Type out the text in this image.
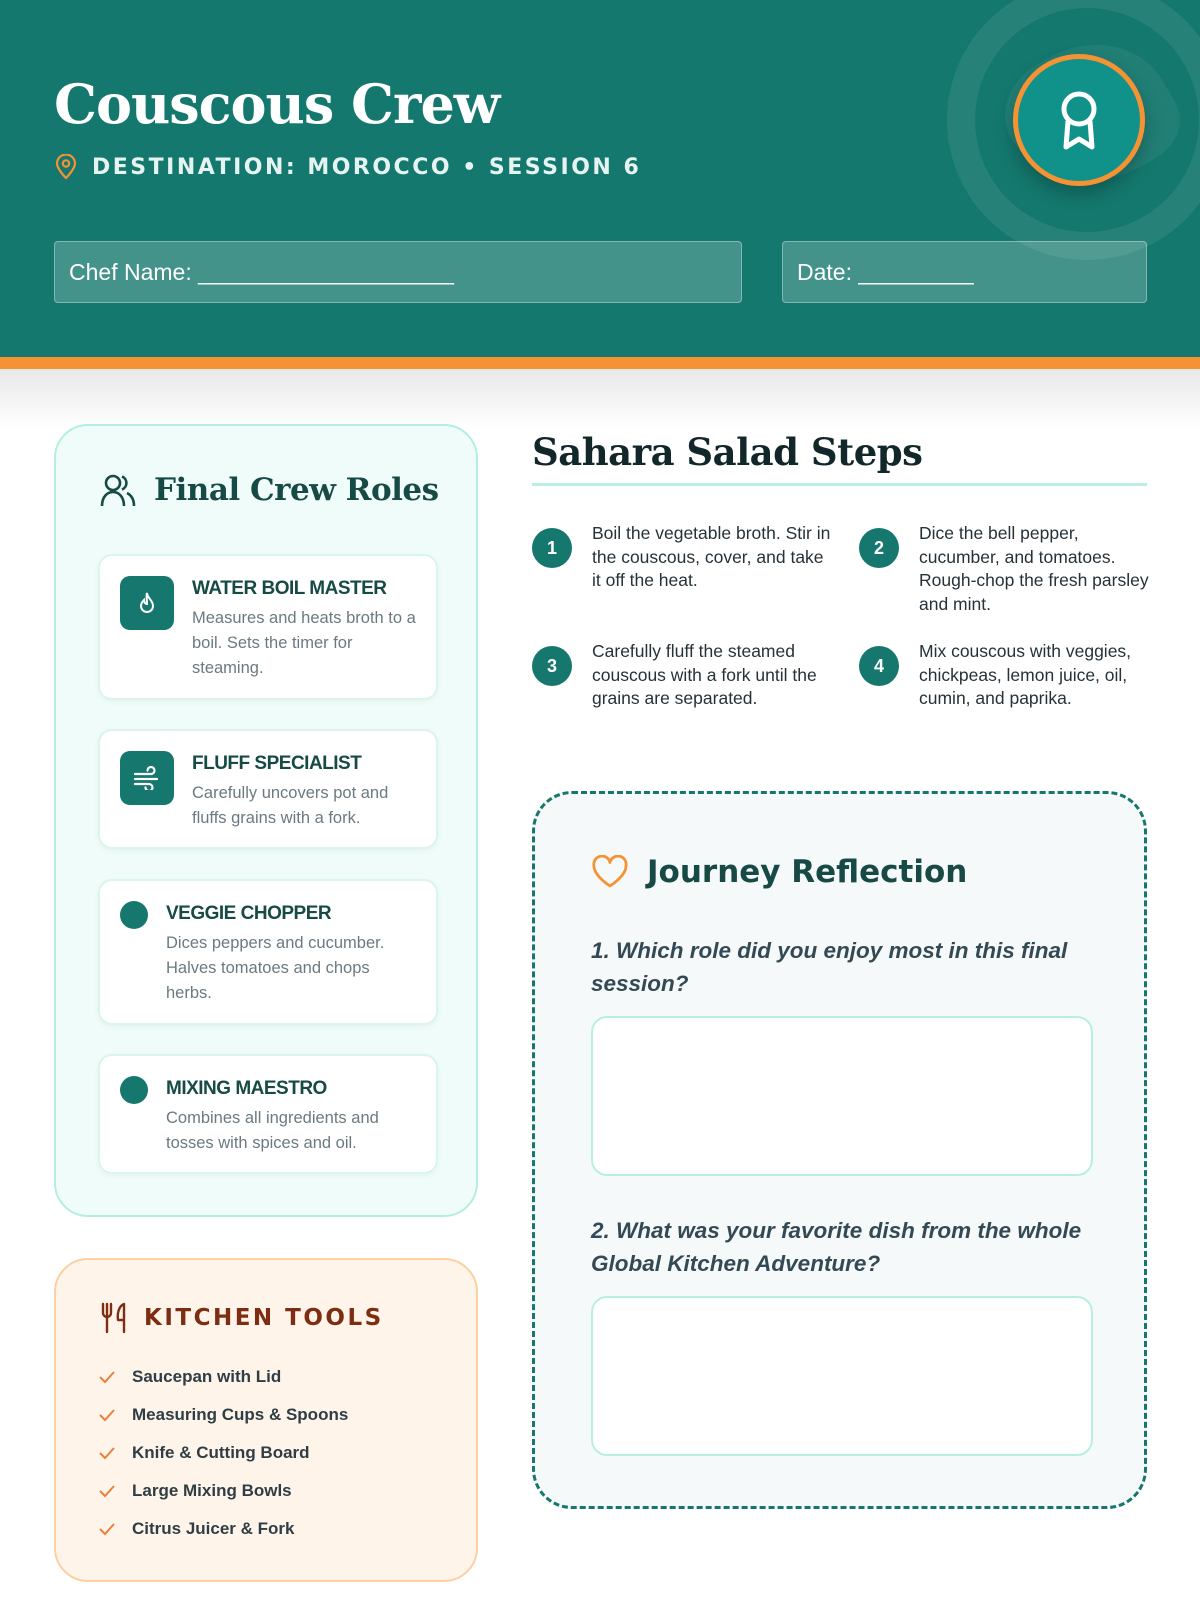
Couscous Crew
DESTINATION: MOROCCO • SESSION 6
Chef Name: ____________________	Date: _________
Final Crew Roles
WATER BOIL MASTER
Measures and heats broth to a boil. Sets the timer for steaming.
FLUFF SPECIALIST
Carefully uncovers pot and fluffs grains with a fork.
VEGGIE CHOPPER
Dices peppers and cucumber. Halves tomatoes and chops herbs.
MIXING MAESTRO
Combines all ingredients and tosses with spices and oil.
KITCHEN TOOLS
Saucepan with Lid
Measuring Cups & Spoons
Knife & Cutting Board
Large Mixing Bowls
Citrus Juicer & Fork
Sahara Salad Steps
1
Boil the vegetable broth. Stir in the couscous, cover, and take it off the heat.
2
Dice the bell pepper, cucumber, and tomatoes. Rough-chop the fresh parsley and mint.
3
Carefully fluff the steamed couscous with a fork until the grains are separated.
4
Mix couscous with veggies, chickpeas, lemon juice, oil, cumin, and paprika.
Journey Reflection
1. Which role did you enjoy most in this final session?
2. What was your favorite dish from the whole Global Kitchen Adventure?
